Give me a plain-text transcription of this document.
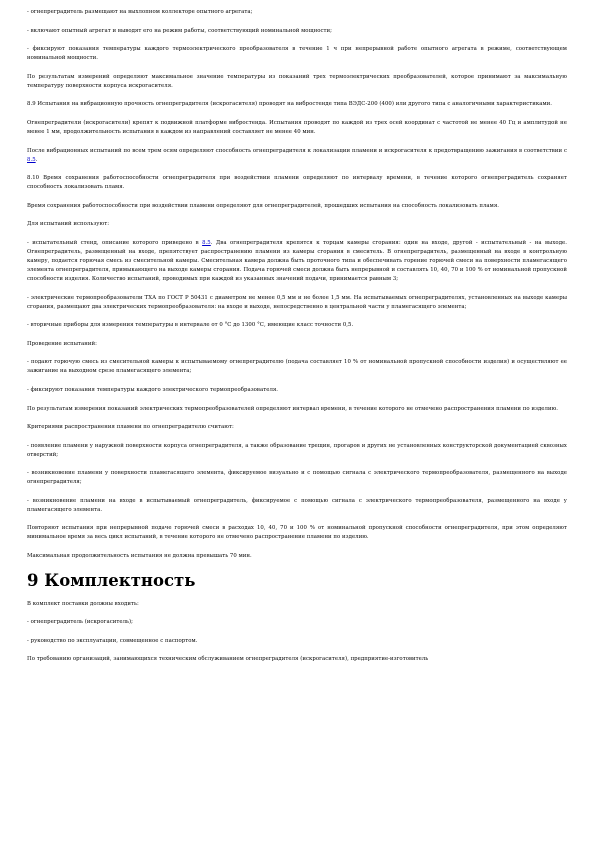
- огнепреградитель размещают на выхлопном коллекторе опытного агрегата;

- включают опытный агрегат и выводят его на режим работы, соответствующий номинальной мощности;

- фиксируют показания температуры каждого термоэлектрического преобразователя в течение 1 ч при непрерывной работе опытного агрегата в режиме, соответствующем номинальной мощности.

По результатам измерений определяют максимальное значение температуры из показаний трех термоэлектрических преобразователей, которое принимают за максимальную температуру поверхности корпуса искрогасителя.

8.9 Испытания на вибрационную прочность огнепреградителя (искрогасителя) проводят на вибростенде типа ВЭДС-200 (400) или другого типа с аналогичными характеристиками.

Огнепреградители (искрогасители) крепят к подвижной платформе вибростенда. Испытания проводят по каждой из трех осей координат с частотой не менее 40 Гц и амплитудой не менее 1 мм, продолжительность испытания в каждом из направлений составляет не менее 40 мин.

После вибрационных испытаний по всем трем осям определяют способность огнепреградителя к локализации пламени и искрогасителя к предотвращению зажигания в соответствии с 8.5.

8.10 Время сохранения работоспособности огнепреградителя при воздействии пламени определяют по интервалу времени, в течение которого огнепреградитель сохраняет способность локализовать пламя.

Время сохранения работоспособности при воздействии пламени определяют для огнепреградителей, прошедших испытания на способность локализовать пламя.

Для испытаний используют:

- испытательный стенд, описание которого приведено в 8.5. Два огнепреградителя крепятся к торцам камеры сгорания: один на входе, другой - испытательный - на выходе. Огнепреградитель, размещенный на входе, препятствует распространению пламени из камеры сгорания в смеситель. В огнепреградитель, размещенный на входе в контрольную камеру, подается горючая смесь из смесительной камеры. Смесительная камера должна быть проточного типа и обеспечивать горение горючей смеси на поверхности пламегасящего элемента огнепреградителя, примыкающего на выходе камеры сгорания. Подача горючей смеси должна быть непрерывной и составлять 10, 40, 70 и 100 % от номинальной пропускной способности изделия. Количество испытаний, проводимых при каждой из указанных значений подачи, принимается равным 3;

- электрические термопреобразователи ТХА по ГОСТ Р 50431 с диаметром не менее 0,5 мм и не более 1,5 мм. На испытываемых огнепреградителях, установленных на выходе камеры сгорания, размещают два электрических термопреобразователя: на входе и выходе, непосредственно в центральной части у пламегасящего элемента;

- вторичные приборы для измерения температуры в интервале от 0 °С до 1300 °С, имеющие класс точности 0,5.

Проведение испытаний:

- подают горючую смесь из смесительной камеры к испытываемому огнепреградителю (подача составляет 10 % от номинальной пропускной способности изделия) и осуществляют ее зажигание на выходном срезе пламегасящего элемента;

- фиксируют показания температуры каждого электрического термопреобразователя.

По результатам измерения показаний электрических термопреобразователей определяют интервал времени, в течение которого не отмечено распространения пламени по изделию.

Критериями распространения пламени по огнепреградителю считают:

- появление пламени у наружной поверхности корпуса огнепреградителя, а также образование трещин, прогаров и других не установленных конструкторской документацией сквозных отверстий;

- возникновение пламени у поверхности пламегасящего элемента, фиксируемое визуально и с помощью сигнала с электрического термопреобразователя, размещенного на выходе огнепреградителя;

- возникновение пламени на входе в испытываемый огнепреградитель, фиксируемое с помощью сигнала с электрического термопреобразователя, размещенного на входе у пламегасящего элемента.

Повторяют испытания при непрерывной подаче горючей смеси в расходах 10, 40, 70 и 100 % от номинальной пропускной способности огнепреградителя, при этом определяют минимальное время за весь цикл испытаний, в течение которого не отмечено распространение пламени по изделию.

Максимальная продолжительность испытания не должна превышать 70 мин.

9 Комплектность

В комплект поставки должны входить:

- огнепреградитель (искрогаситель);

- руководство по эксплуатации, совмещенное с паспортом.

По требованию организаций, занимающихся техническим обслуживанием огнепреградителя (искрогасителя), предприятие-изготовитель
